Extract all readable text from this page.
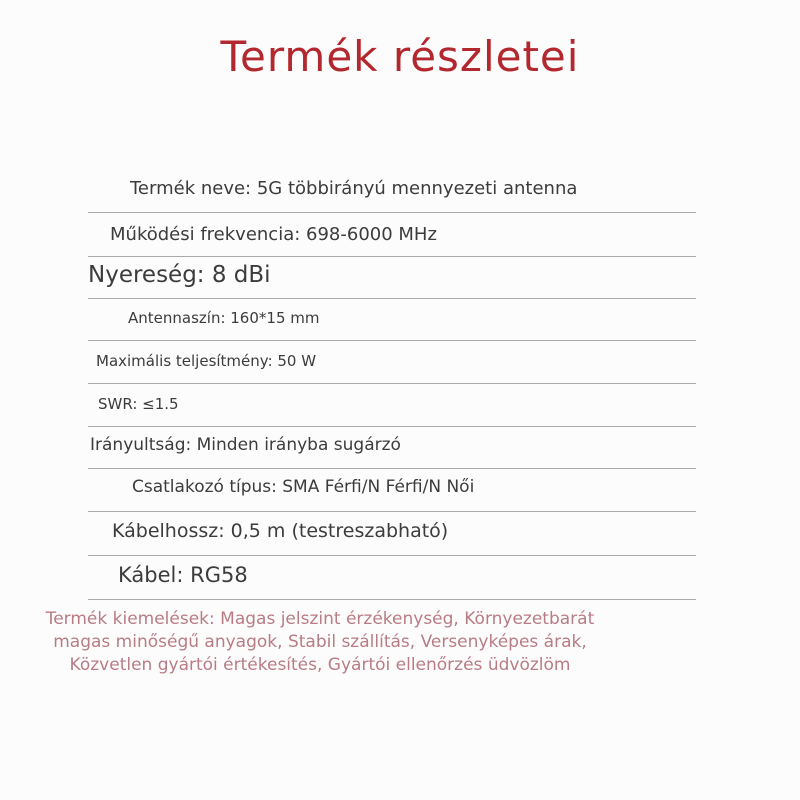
Termék részletei
Termék neve: 5G többirányú mennyezeti antenna
Működési frekvencia: 698-6000 MHz
Nyereség: 8 dBi
Antennaszín: 160*15 mm
Maximális teljesítmény: 50 W
SWR: ≤1.5
Irányultság: Minden irányba sugárzó
Csatlakozó típus: SMA Férfi/N Férfi/N Női
Kábelhossz: 0,5 m (testreszabható)
Kábel: RG58
Termék kiemelések: Magas jelszint érzékenység, Környezetbarát
magas minőségű anyagok, Stabil szállítás, Versenyképes árak,
Közvetlen gyártói értékesítés, Gyártói ellenőrzés üdvözlöm
